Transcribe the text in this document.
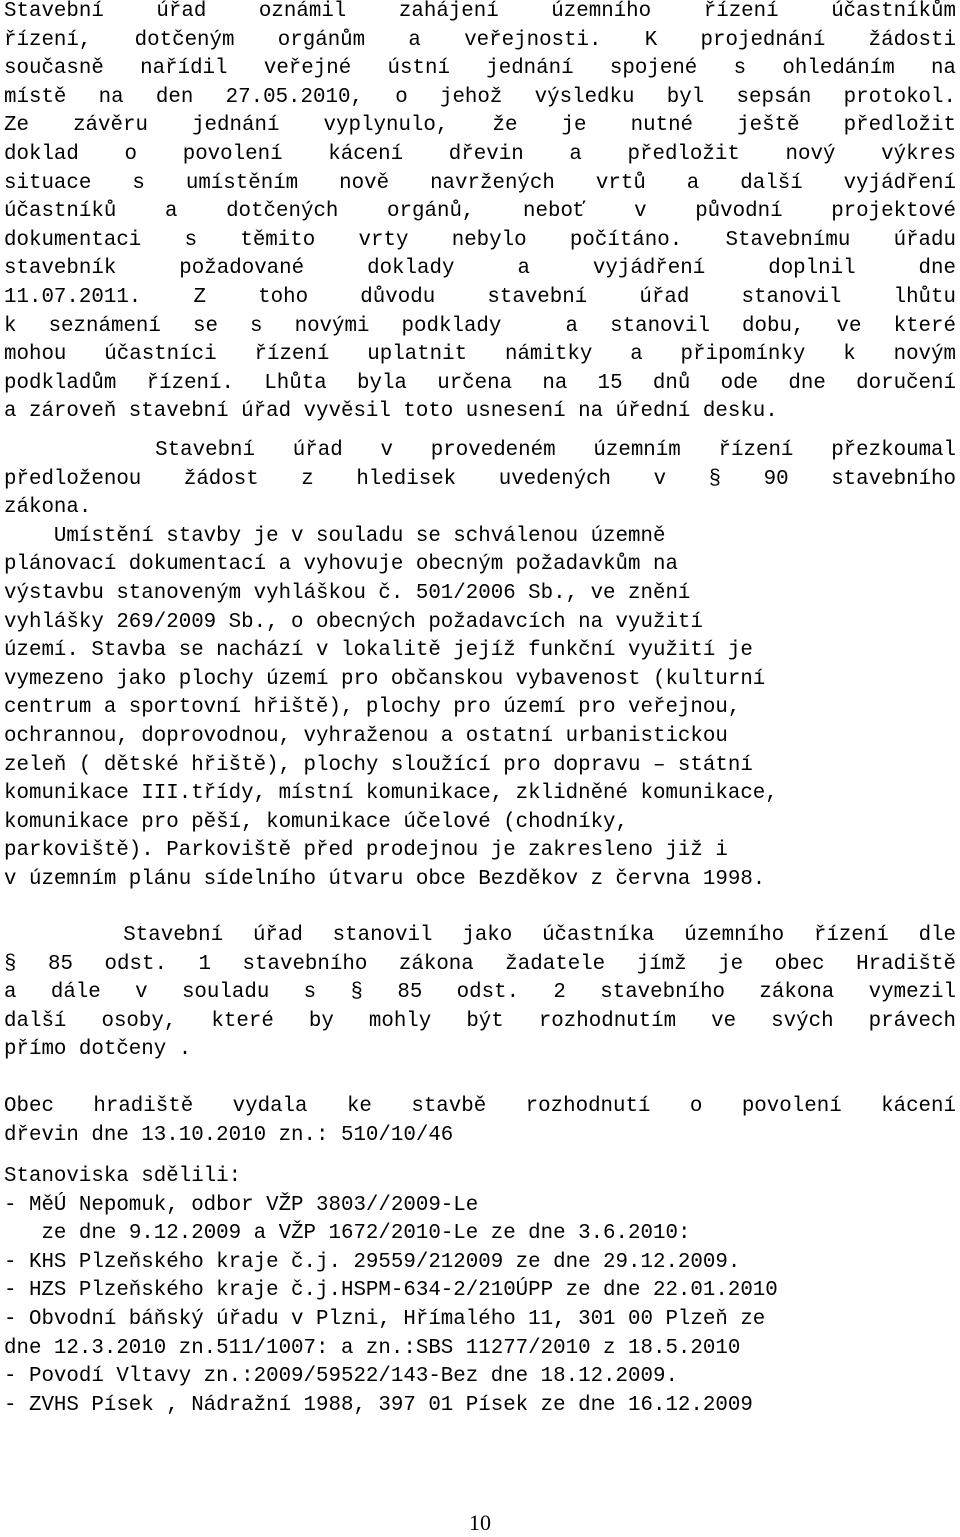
Stavební úřad oznámil zahájení územního řízení účastníkům
řízení, dotčeným orgánům a veřejnosti. K projednání žádosti
současně nařídil veřejné ústní jednání spojené s ohledáním na
místě na den 27.05.2010, o jehož výsledku byl sepsán protokol.
Ze závěru jednání vyplynulo, že je nutné ještě předložit
doklad o povolení kácení dřevin a předložit nový výkres
situace s umístěním nově navržených vrtů a další vyjádření
účastníků a dotčených orgánů, neboť v původní projektové
dokumentaci s těmito vrty nebylo počítáno. Stavebnímu úřadu
stavebník požadované doklady a vyjádření doplnil dne
11.07.2011. Z toho důvodu stavební úřad stanovil lhůtu
k seznámení se s novými podklady  a stanovil dobu, ve které
mohou účastníci řízení uplatnit námitky a připomínky k novým
podkladům řízení. Lhůta byla určena na 15 dnů ode dne doručení
a zároveň stavební úřad vyvěsil toto usnesení na úřední desku.
Stavební úřad v provedeném územním řízení přezkoumal
předloženou žádost z hledisek uvedených v § 90 stavebního
zákona.
Umístění stavby je v souladu se schválenou územně
plánovací dokumentací a vyhovuje obecným požadavkům na
výstavbu stanoveným vyhláškou č. 501/2006 Sb., ve znění
vyhlášky 269/2009 Sb., o obecných požadavcích na využití
území. Stavba se nachází v lokalitě jejíž funkční využití je
vymezeno jako plochy území pro občanskou vybavenost (kulturní
centrum a sportovní hřiště), plochy pro území pro veřejnou,
ochrannou, doprovodnou, vyhraženou a ostatní urbanistickou
zeleň ( dětské hřiště), plochy sloužící pro dopravu – státní
komunikace III.třídy, místní komunikace, zklidněné komunikace,
komunikace pro pěší, komunikace účelové (chodníky,
parkoviště). Parkoviště před prodejnou je zakresleno již i
v územním plánu sídelního útvaru obce Bezděkov z června 1998.
Stavební úřad stanovil jako účastníka územního řízení dle
§ 85 odst. 1 stavebního zákona žadatele jímž je obec Hradiště
a dále v souladu s § 85 odst. 2 stavebního zákona vymezil
další osoby, které by mohly být rozhodnutím ve svých právech
přímo dotčeny .
Obec hradiště vydala ke stavbě rozhodnutí o povolení kácení
dřevin dne 13.10.2010 zn.: 510/10/46
Stanoviska sdělili:
- MěÚ Nepomuk, odbor VŽP 3803//2009-Le
ze dne 9.12.2009 a VŽP 1672/2010-Le ze dne 3.6.2010:
- KHS Plzeňského kraje č.j. 29559/212009 ze dne 29.12.2009.
- HZS Plzeňského kraje č.j.HSPM-634-2/210ÚPP ze dne 22.01.2010
- Obvodní báňský úřadu v Plzni, Hřímalého 11, 301 00 Plzeň ze
dne 12.3.2010 zn.511/1007: a zn.:SBS 11277/2010 z 18.5.2010
- Povodí Vltavy zn.:2009/59522/143-Bez dne 18.12.2009.
- ZVHS Písek , Nádražní 1988, 397 01 Písek ze dne 16.12.2009
10
